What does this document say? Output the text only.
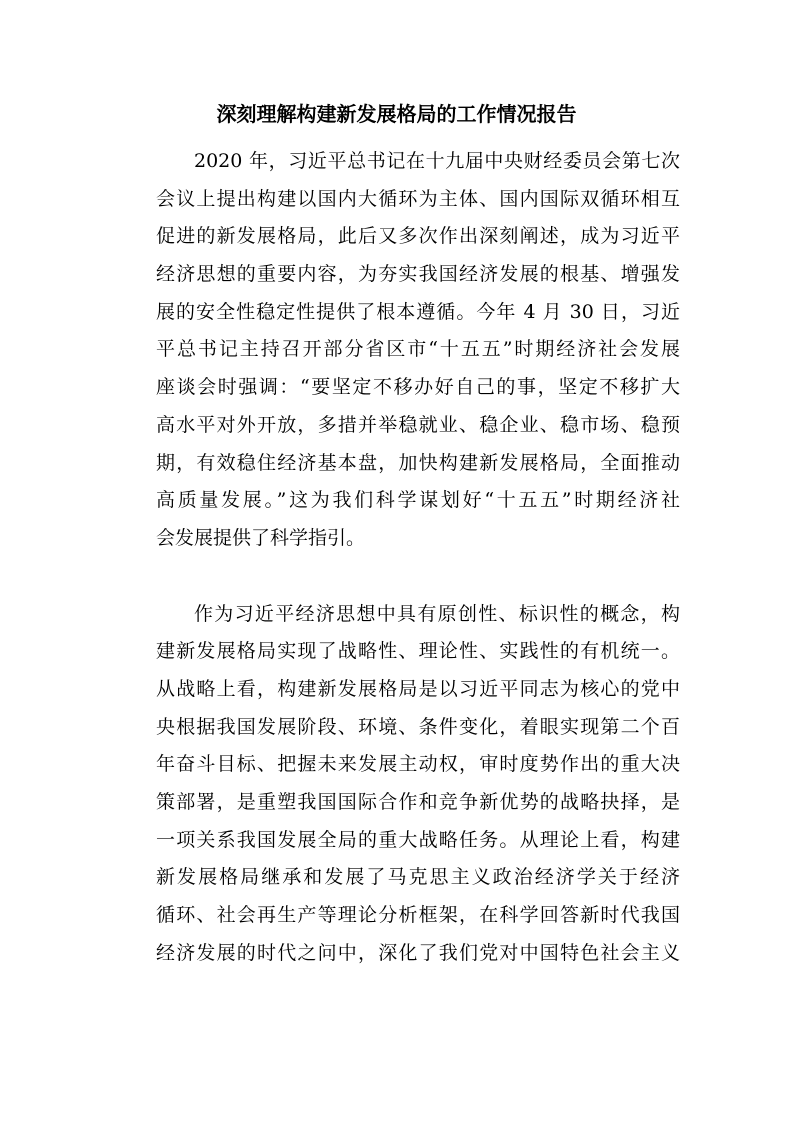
深刻理解构建新发展格局的工作情况报告
2020 年，习近平总书记在十九届中央财经委员会第七次
会议上提出构建以国内大循环为主体、国内国际双循环相互
促进的新发展格局，此后又多次作出深刻阐述，成为习近平
经济思想的重要内容，为夯实我国经济发展的根基、增强发
展的安全性稳定性提供了根本遵循。今年 4 月 30 日，习近
平总书记主持召开部分省区市“十五五”时期经济社会发展
座谈会时强调：“要坚定不移办好自己的事，坚定不移扩大
高水平对外开放，多措并举稳就业、稳企业、稳市场、稳预
期，有效稳住经济基本盘，加快构建新发展格局，全面推动
高质量发展。”这为我们科学谋划好“十五五”时期经济社
会发展提供了科学指引。
作为习近平经济思想中具有原创性、标识性的概念，构
建新发展格局实现了战略性、理论性、实践性的有机统一。
从战略上看，构建新发展格局是以习近平同志为核心的党中
央根据我国发展阶段、环境、条件变化，着眼实现第二个百
年奋斗目标、把握未来发展主动权，审时度势作出的重大决
策部署，是重塑我国国际合作和竞争新优势的战略抉择，是
一项关系我国发展全局的重大战略任务。从理论上看，构建
新发展格局继承和发展了马克思主义政治经济学关于经济
循环、社会再生产等理论分析框架，在科学回答新时代我国
经济发展的时代之问中，深化了我们党对中国特色社会主义
